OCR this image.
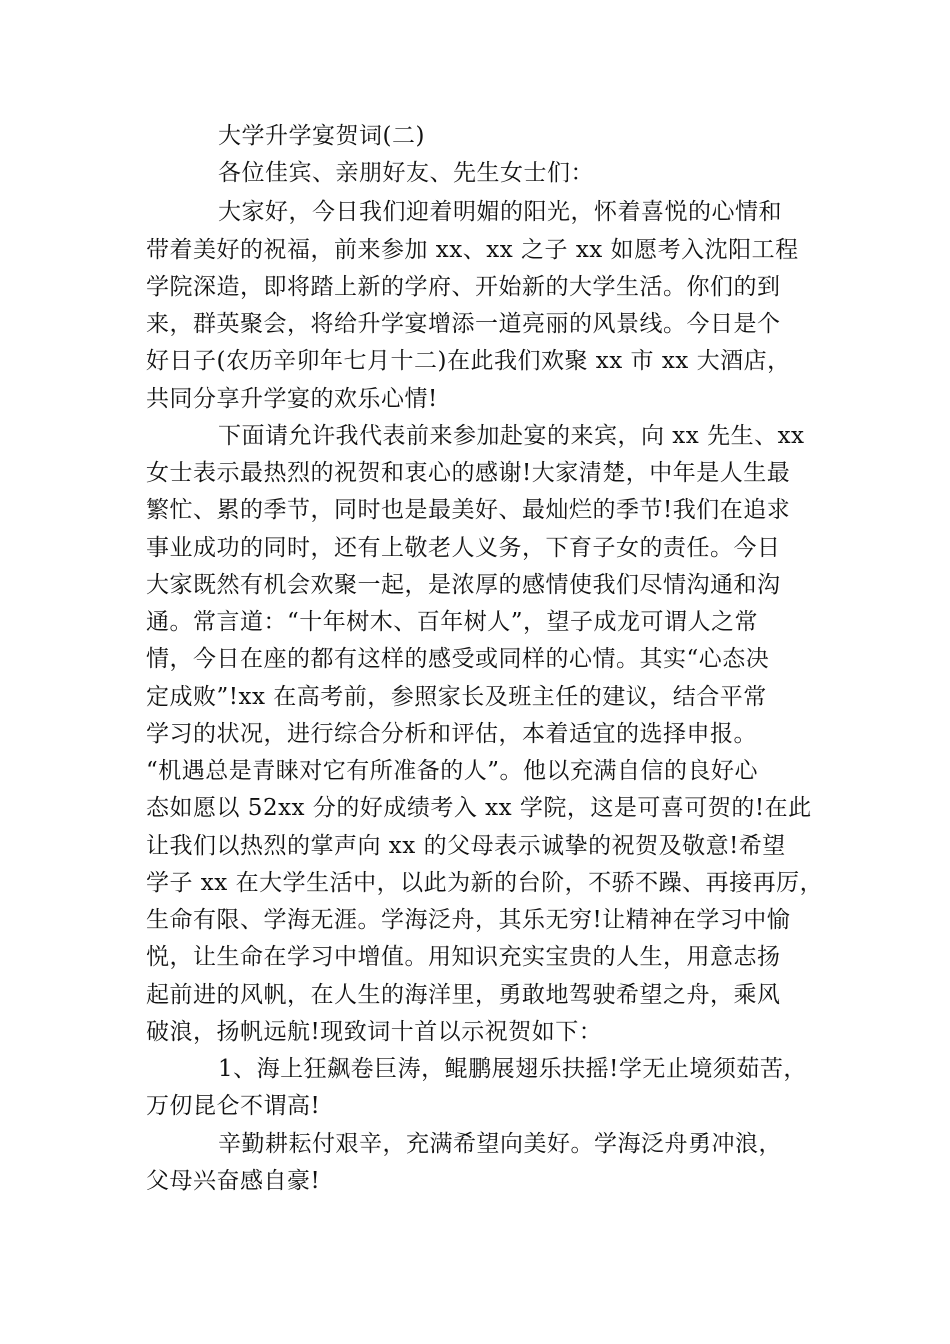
大学升学宴贺词(二)
各位佳宾、亲朋好友、先生女士们：
大家好，今日我们迎着明媚的阳光，怀着喜悦的心情和
带着美好的祝福，前来参加 xx、xx 之子 xx 如愿考入沈阳工程
学院深造，即将踏上新的学府、开始新的大学生活。你们的到
来，群英聚会，将给升学宴增添一道亮丽的风景线。今日是个
好日子(农历辛卯年七月十二)在此我们欢聚 xx 市 xx 大酒店，
共同分享升学宴的欢乐心情!
下面请允许我代表前来参加赴宴的来宾，向 xx 先生、xx
女士表示最热烈的祝贺和衷心的感谢!大家清楚，中年是人生最
繁忙、累的季节，同时也是最美好、最灿烂的季节!我们在追求
事业成功的同时，还有上敬老人义务，下育子女的责任。今日
大家既然有机会欢聚一起，是浓厚的感情使我们尽情沟通和沟
通。常言道：“十年树木、百年树人”，望子成龙可谓人之常
情，今日在座的都有这样的感受或同样的心情。其实“心态决
定成败”!xx 在高考前，参照家长及班主任的建议，结合平常
学习的状况，进行综合分析和评估，本着适宜的选择申报。
“机遇总是青睐对它有所准备的人”。他以充满自信的良好心
态如愿以 52xx 分的好成绩考入 xx 学院，这是可喜可贺的!在此
让我们以热烈的掌声向 xx 的父母表示诚挚的祝贺及敬意!希望
学子 xx 在大学生活中，以此为新的台阶，不骄不躁、再接再厉，
生命有限、学海无涯。学海泛舟，其乐无穷!让精神在学习中愉
悦，让生命在学习中增值。用知识充实宝贵的人生，用意志扬
起前进的风帆，在人生的海洋里，勇敢地驾驶希望之舟，乘风
破浪，扬帆远航!现致词十首以示祝贺如下：
1、海上狂飙卷巨涛，鲲鹏展翅乐扶摇!学无止境须茹苦，
万仞昆仑不谓高!
辛勤耕耘付艰辛，充满希望向美好。学海泛舟勇冲浪，
父母兴奋感自豪!
